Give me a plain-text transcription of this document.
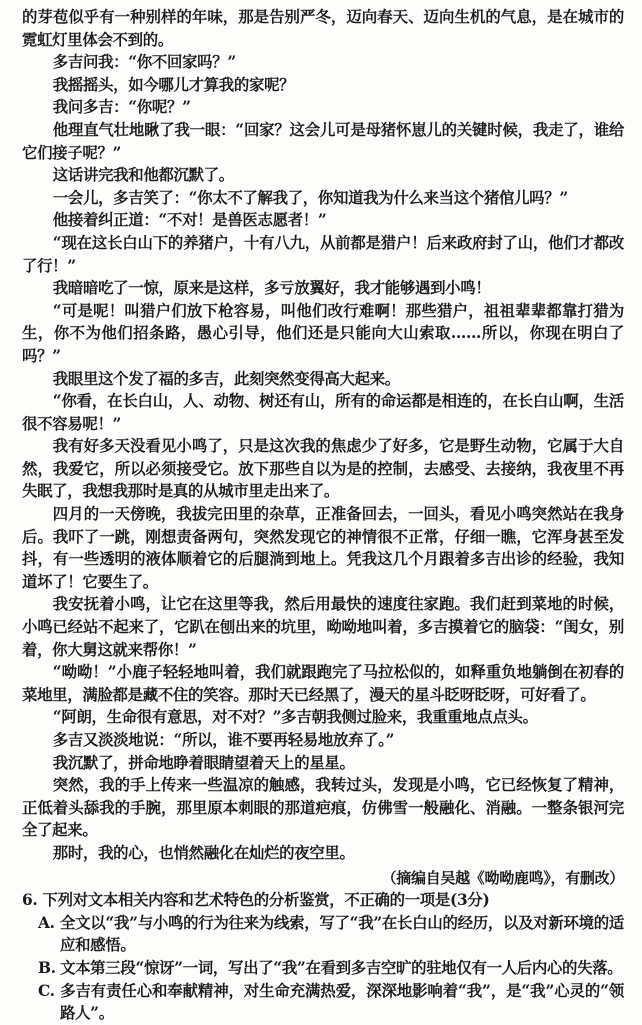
的芽苞似乎有一种别样的年味，那是告别严冬，迈向春天、迈向生机的气息，是在城市的霓虹灯里体会不到的。

多吉问我：“你不回家吗？”

我摇摇头，如今哪儿才算我的家呢？

我问多吉：“你呢？”

他理直气壮地瞅了我一眼：“回家？这会儿可是母猪怀崽儿的关键时候，我走了，谁给它们接子呢？”

这话讲完我和他都沉默了。

一会儿，多吉笑了：“你太不了解我了，你知道我为什么来当这个猪倌儿吗？”

他接着纠正道：“不对！是兽医志愿者！”

“现在这长白山下的养猪户，十有八九，从前都是猎户！后来政府封了山，他们才都改了行！”

我暗暗吃了一惊，原来是这样，多亏放翼好，我才能够遇到小鸣！

“可是呢！叫猎户们放下枪容易，叫他们改行难啊！那些猎户，祖祖辈辈都靠打猎为生，你不为他们招条路，愚心引导，他们还是只能向大山索取……所以，你现在明白了吗？”

我眼里这个发了福的多吉，此刻突然变得高大起来。

“你看，在长白山，人、动物、树还有山，所有的命运都是相连的，在长白山啊，生活很不容易呢！”

我有好多天没看见小鸣了，只是这次我的焦虑少了好多，它是野生动物，它属于大自然，我爱它，所以必须接受它。放下那些自以为是的控制，去感受、去接纳，我夜里不再失眠了，我想我那时是真的从城市里走出来了。

四月的一天傍晚，我拔完田里的杂草，正准备回去，一回头，看见小鸣突然站在我身后。我吓了一跳，刚想责备两句，突然发现它的神情很不正常，仔细一瞧，它浑身甚至发抖，有一些透明的液体顺着它的后腿淌到地上。凭我这几个月跟着多吉出诊的经验，我知道坏了！它要生了。

我安抚着小鸣，让它在这里等我，然后用最快的速度往家跑。我们赶到菜地的时候，小鸣已经站不起来了，它趴在刨出来的坑里，呦呦地叫着，多吉摸着它的脑袋：“闺女，别着，你大舅这就来帮你！”

“呦呦！”小鹿子轻轻地叫着，我们就跟跑完了马拉松似的，如释重负地躺倒在初春的菜地里，满脸都是藏不住的笑容。那时天已经黑了，漫天的星斗眨呀眨呀，可好看了。

“阿朗，生命很有意思，对不对？”多吉朝我侧过脸来，我重重地点点头。

多吉又淡淡地说：“所以，谁不要再轻易地放弃了。”

我沉默了，拼命地睁着眼睛望着天上的星星。

突然，我的手上传来一些温凉的触感，我转过头，发现是小鸣，它已经恢复了精神，正低着头舔我的手腕，那里原本刺眼的那道疤痕，仿佛雪一般融化、消融。一整条银河完全了起来。

那时，我的心，也悄然融化在灿烂的夜空里。

（摘编自吴越《呦呦鹿鸣》，有删改）

6. 下列对文本相关内容和艺术特色的分析鉴赏，不正确的一项是(3分)

A. 全文以“我”与小鸣的行为往来为线索，写了“我”在长白山的经历，以及对新环境的适应和感悟。

B. 文本第三段“惊讶”一词，写出了“我”在看到多吉空旷的驻地仅有一人后内心的失落。

C. 多吉有责任心和奉献精神，对生命充满热爱，深深地影响着“我”，是“我”心灵的“领路人”。
